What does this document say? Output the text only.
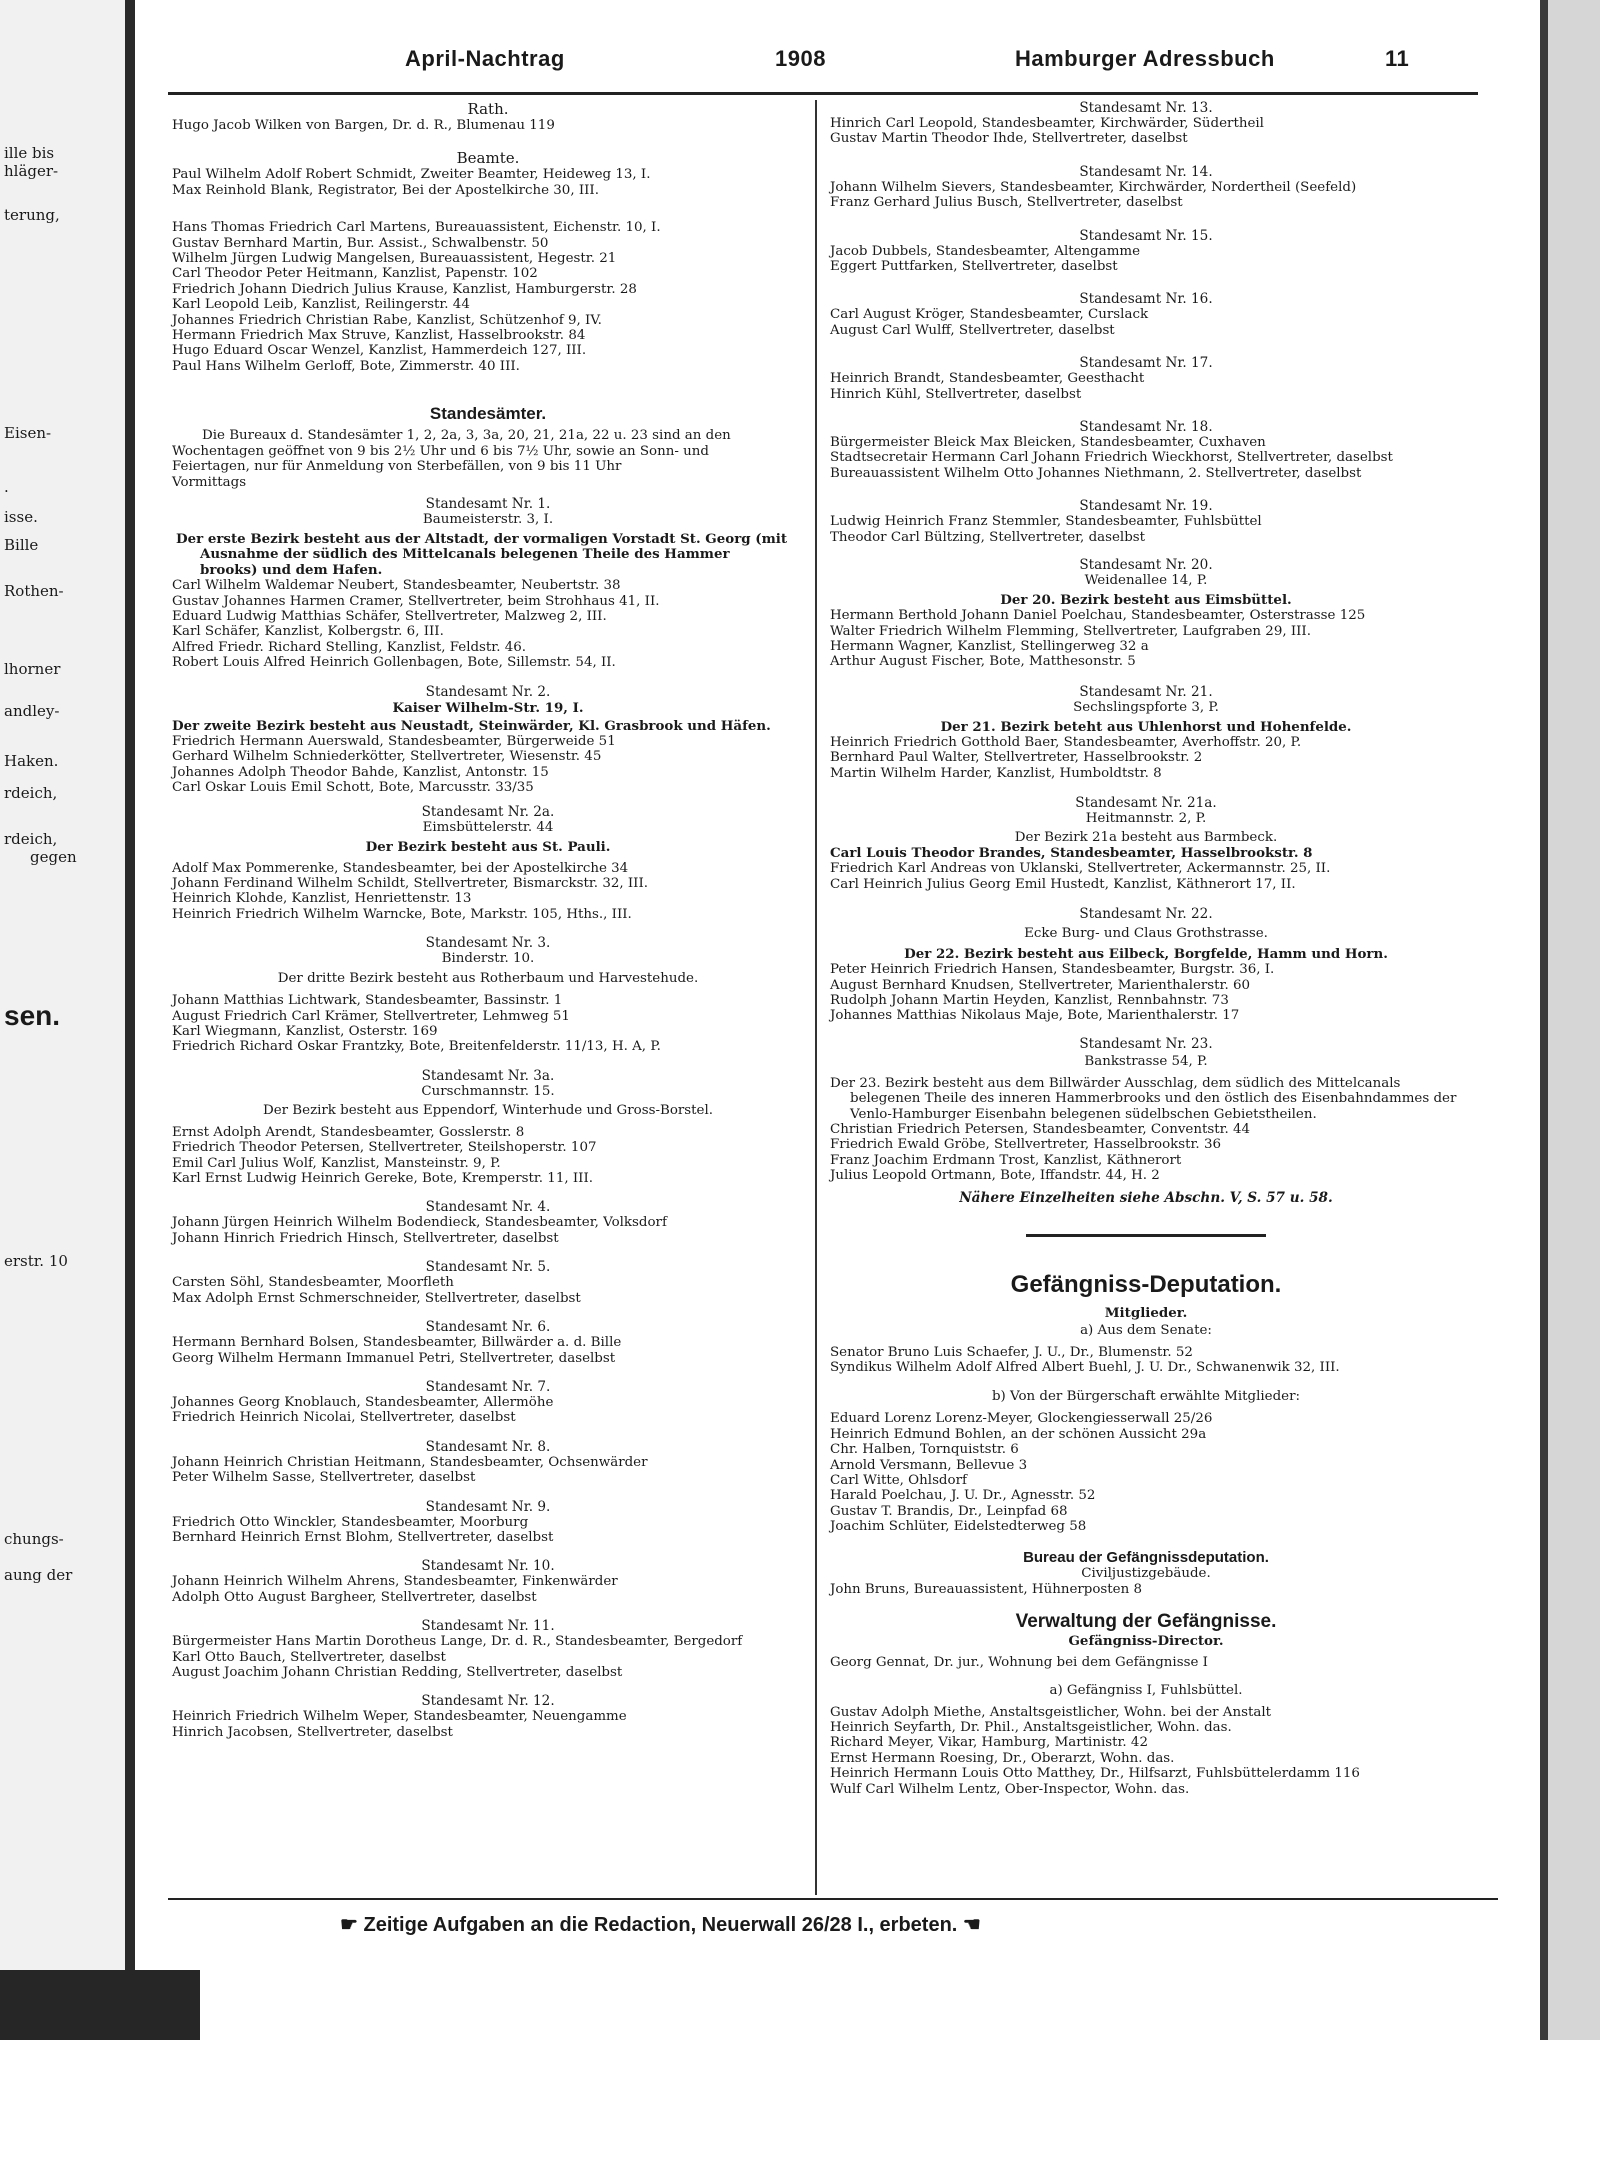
ille bis
hläger-
terung,
Eisen-
.
isse.
Bille
Rothen-
lhorner
andley-
Haken.
rdeich,
rdeich,
gegen
sen.
erstr. 10
chungs-
aung der
April-Nachtrag	1908	Hamburger Adressbuch	11
Rath.
Hugo Jacob Wilken von Bargen, Dr. d. R., Blumenau 119
Beamte.
Paul Wilhelm Adolf Robert Schmidt, Zweiter Beamter, Heideweg 13, I.
Max Reinhold Blank, Registrator, Bei der Apostelkirche 30, III.
Hans Thomas Friedrich Carl Martens, Bureauassistent, Eichenstr. 10, I.
Gustav Bernhard Martin, Bur. Assist., Schwalbenstr. 50
Wilhelm Jürgen Ludwig Mangelsen, Bureauassistent, Hegestr. 21
Carl Theodor Peter Heitmann, Kanzlist, Papenstr. 102
Friedrich Johann Diedrich Julius Krause, Kanzlist, Hamburgerstr. 28
Karl Leopold Leib, Kanzlist, Reilingerstr. 44
Johannes Friedrich Christian Rabe, Kanzlist, Schützenhof 9, IV.
Hermann Friedrich Max Struve, Kanzlist, Hasselbrookstr. 84
Hugo Eduard Oscar Wenzel, Kanzlist, Hammerdeich 127, III.
Paul Hans Wilhelm Gerloff, Bote, Zimmerstr. 40 III.
Standesämter.
Die Bureaux d. Standesämter 1, 2, 2a, 3, 3a, 20, 21, 21a, 22 u. 23 sind an den
Wochentagen geöffnet von 9 bis 2½ Uhr und 6 bis 7½ Uhr, sowie an Sonn- und
Feiertagen, nur für Anmeldung von Sterbefällen, von 9 bis 11 Uhr
Vormittags
Standesamt Nr. 1.
Baumeisterstr. 3, I.
Der erste Bezirk besteht aus der Altstadt, der vormaligen Vorstadt St. Georg (mit
Ausnahme der südlich des Mittelcanals belegenen Theile des Hammer
brooks) und dem Hafen.
Carl Wilhelm Waldemar Neubert, Standesbeamter, Neubertstr. 38
Gustav Johannes Harmen Cramer, Stellvertreter, beim Strohhaus 41, II.
Eduard Ludwig Matthias Schäfer, Stellvertreter, Malzweg 2, III.
Karl Schäfer, Kanzlist, Kolbergstr. 6, III.
Alfred Friedr. Richard Stelling, Kanzlist, Feldstr. 46.
Robert Louis Alfred Heinrich Gollenbagen, Bote, Sillemstr. 54, II.
Standesamt Nr. 2.
Kaiser Wilhelm-Str. 19, I.
Der zweite Bezirk besteht aus Neustadt, Steinwärder, Kl. Grasbrook und Häfen.
Friedrich Hermann Auerswald, Standesbeamter, Bürgerweide 51
Gerhard Wilhelm Schniederkötter, Stellvertreter, Wiesenstr. 45
Johannes Adolph Theodor Bahde, Kanzlist, Antonstr. 15
Carl Oskar Louis Emil Schott, Bote, Marcusstr. 33/35
Standesamt Nr. 2a.
Eimsbüttelerstr. 44
Der Bezirk besteht aus St. Pauli.
Adolf Max Pommerenke, Standesbeamter, bei der Apostelkirche 34
Johann Ferdinand Wilhelm Schildt, Stellvertreter, Bismarckstr. 32, III.
Heinrich Klohde, Kanzlist, Henriettenstr. 13
Heinrich Friedrich Wilhelm Warncke, Bote, Markstr. 105, Hths., III.
Standesamt Nr. 3.
Binderstr. 10.
Der dritte Bezirk besteht aus Rotherbaum und Harvestehude.
Johann Matthias Lichtwark, Standesbeamter, Bassinstr. 1
August Friedrich Carl Krämer, Stellvertreter, Lehmweg 51
Karl Wiegmann, Kanzlist, Osterstr. 169
Friedrich Richard Oskar Frantzky, Bote, Breitenfelderstr. 11/13, H. A, P.
Standesamt Nr. 3a.
Curschmannstr. 15.
Der Bezirk besteht aus Eppendorf, Winterhude und Gross-Borstel.
Ernst Adolph Arendt, Standesbeamter, Gosslerstr. 8
Friedrich Theodor Petersen, Stellvertreter, Steilshoperstr. 107
Emil Carl Julius Wolf, Kanzlist, Mansteinstr. 9, P.
Karl Ernst Ludwig Heinrich Gereke, Bote, Kremperstr. 11, III.
Standesamt Nr. 4.
Johann Jürgen Heinrich Wilhelm Bodendieck, Standesbeamter, Volksdorf
Johann Hinrich Friedrich Hinsch, Stellvertreter, daselbst
Standesamt Nr. 5.
Carsten Söhl, Standesbeamter, Moorfleth
Max Adolph Ernst Schmerschneider, Stellvertreter, daselbst
Standesamt Nr. 6.
Hermann Bernhard Bolsen, Standesbeamter, Billwärder a. d. Bille
Georg Wilhelm Hermann Immanuel Petri, Stellvertreter, daselbst
Standesamt Nr. 7.
Johannes Georg Knoblauch, Standesbeamter, Allermöhe
Friedrich Heinrich Nicolai, Stellvertreter, daselbst
Standesamt Nr. 8.
Johann Heinrich Christian Heitmann, Standesbeamter, Ochsenwärder
Peter Wilhelm Sasse, Stellvertreter, daselbst
Standesamt Nr. 9.
Friedrich Otto Winckler, Standesbeamter, Moorburg
Bernhard Heinrich Ernst Blohm, Stellvertreter, daselbst
Standesamt Nr. 10.
Johann Heinrich Wilhelm Ahrens, Standesbeamter, Finkenwärder
Adolph Otto August Bargheer, Stellvertreter, daselbst
Standesamt Nr. 11.
Bürgermeister Hans Martin Dorotheus Lange, Dr. d. R., Standesbeamter, Bergedorf
Karl Otto Bauch, Stellvertreter, daselbst
August Joachim Johann Christian Redding, Stellvertreter, daselbst
Standesamt Nr. 12.
Heinrich Friedrich Wilhelm Weper, Standesbeamter, Neuengamme
Hinrich Jacobsen, Stellvertreter, daselbst
Standesamt Nr. 13.
Hinrich Carl Leopold, Standesbeamter, Kirchwärder, Südertheil
Gustav Martin Theodor Ihde, Stellvertreter, daselbst
Standesamt Nr. 14.
Johann Wilhelm Sievers, Standesbeamter, Kirchwärder, Nordertheil (Seefeld)
Franz Gerhard Julius Busch, Stellvertreter, daselbst
Standesamt Nr. 15.
Jacob Dubbels, Standesbeamter, Altengamme
Eggert Puttfarken, Stellvertreter, daselbst
Standesamt Nr. 16.
Carl August Kröger, Standesbeamter, Curslack
August Carl Wulff, Stellvertreter, daselbst
Standesamt Nr. 17.
Heinrich Brandt, Standesbeamter, Geesthacht
Hinrich Kühl, Stellvertreter, daselbst
Standesamt Nr. 18.
Bürgermeister Bleick Max Bleicken, Standesbeamter, Cuxhaven
Stadtsecretair Hermann Carl Johann Friedrich Wieckhorst, Stellvertreter, daselbst
Bureauassistent Wilhelm Otto Johannes Niethmann, 2. Stellvertreter, daselbst
Standesamt Nr. 19.
Ludwig Heinrich Franz Stemmler, Standesbeamter, Fuhlsbüttel
Theodor Carl Bültzing, Stellvertreter, daselbst
Standesamt Nr. 20.
Weidenallee 14, P.
Der 20. Bezirk besteht aus Eimsbüttel.
Hermann Berthold Johann Daniel Poelchau, Standesbeamter, Osterstrasse 125
Walter Friedrich Wilhelm Flemming, Stellvertreter, Laufgraben 29, III.
Hermann Wagner, Kanzlist, Stellingerweg 32 a
Arthur August Fischer, Bote, Matthesonstr. 5
Standesamt Nr. 21.
Sechslingspforte 3, P.
Der 21. Bezirk beteht aus Uhlenhorst und Hohenfelde.
Heinrich Friedrich Gotthold Baer, Standesbeamter, Averhoffstr. 20, P.
Bernhard Paul Walter, Stellvertreter, Hasselbrookstr. 2
Martin Wilhelm Harder, Kanzlist, Humboldtstr. 8
Standesamt Nr. 21a.
Heitmannstr. 2, P.
Der Bezirk 21a besteht aus Barmbeck.
Carl Louis Theodor Brandes, Standesbeamter, Hasselbrookstr. 8
Friedrich Karl Andreas von Uklanski, Stellvertreter, Ackermannstr. 25, II.
Carl Heinrich Julius Georg Emil Hustedt, Kanzlist, Käthnerort 17, II.
Standesamt Nr. 22.
Ecke Burg- und Claus Grothstrasse.
Der 22. Bezirk besteht aus Eilbeck, Borgfelde, Hamm und Horn.
Peter Heinrich Friedrich Hansen, Standesbeamter, Burgstr. 36, I.
August Bernhard Knudsen, Stellvertreter, Marienthalerstr. 60
Rudolph Johann Martin Heyden, Kanzlist, Rennbahnstr. 73
Johannes Matthias Nikolaus Maje, Bote, Marienthalerstr. 17
Standesamt Nr. 23.
Bankstrasse 54, P.
Der 23. Bezirk besteht aus dem Billwärder Ausschlag, dem südlich des Mittelcanals belegenen Theile des inneren Hammerbrooks und den östlich des Eisenbahndammes der Venlo-Hamburger Eisenbahn belegenen südelbschen Gebietstheilen.
Christian Friedrich Petersen, Standesbeamter, Conventstr. 44
Friedrich Ewald Gröbe, Stellvertreter, Hasselbrookstr. 36
Franz Joachim Erdmann Trost, Kanzlist, Käthnerort
Julius Leopold Ortmann, Bote, Iffandstr. 44, H. 2
Nähere Einzelheiten siehe Abschn. V, S. 57 u. 58.
Gefängniss-Deputation.
Mitglieder.
a) Aus dem Senate:
Senator Bruno Luis Schaefer, J. U., Dr., Blumenstr. 52
Syndikus Wilhelm Adolf Alfred Albert Buehl, J. U. Dr., Schwanenwik 32, III.
b) Von der Bürgerschaft erwählte Mitglieder:
Eduard Lorenz Lorenz-Meyer, Glockengiesserwall 25/26
Heinrich Edmund Bohlen, an der schönen Aussicht 29a
Chr. Halben, Tornquiststr. 6
Arnold Versmann, Bellevue 3
Carl Witte, Ohlsdorf
Harald Poelchau, J. U. Dr., Agnesstr. 52
Gustav T. Brandis, Dr., Leinpfad 68
Joachim Schlüter, Eidelstedterweg 58
Bureau der Gefängnissdeputation.
Civiljustizgebäude.
John Bruns, Bureauassistent, Hühnerposten 8
Verwaltung der Gefängnisse.
Gefängniss-Director.
Georg Gennat, Dr. jur., Wohnung bei dem Gefängnisse I
a) Gefängniss I, Fuhlsbüttel.
Gustav Adolph Miethe, Anstaltsgeistlicher, Wohn. bei der Anstalt
Heinrich Seyfarth, Dr. Phil., Anstaltsgeistlicher, Wohn. das.
Richard Meyer, Vikar, Hamburg, Martinistr. 42
Ernst Hermann Roesing, Dr., Oberarzt, Wohn. das.
Heinrich Hermann Louis Otto Matthey, Dr., Hilfsarzt, Fuhlsbüttelerdamm 116
Wulf Carl Wilhelm Lentz, Ober-Inspector, Wohn. das.
☛ Zeitige Aufgaben an die Redaction, Neuerwall 26/28 I., erbeten. ☚
